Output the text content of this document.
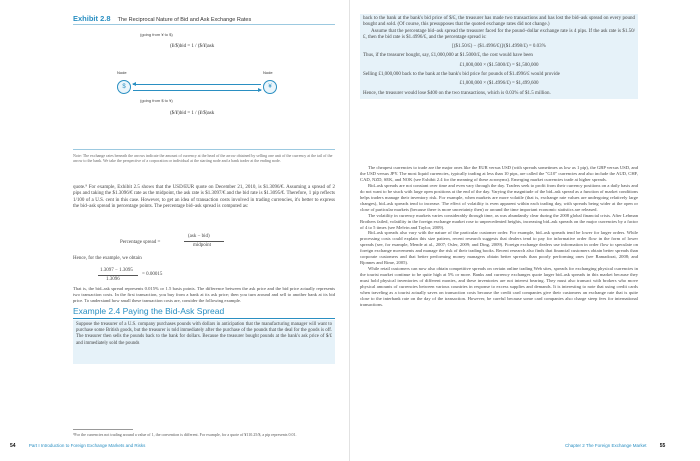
Exhibit 2.8 The Reciprocal Nature of Bid and Ask Exchange Rates
(going from ¥ to $)
(¥/$)bid = 1 / ($/¥)ask
Node	Node
$	¥
(going from $ to ¥)
($/¥)bid = 1 / (¥/$)ask
Note: The exchange rates beneath the arrows indicate the amount of currency at the head of the arrow obtained by selling one unit of the currency at the tail of the arrow to the bank. We take the perspective of a corporation or individual at the starting node and a bank trader at the ending node.
quote.⁹ For example, Exhibit 2.5 shows that the USD/EUR quote on December 21, 2010, is $1.3096/€. Assuming a spread of 2 pips and taking the $1.3096/€ rate as the midpoint, the ask rate is $1.3097/€ and the bid rate is $1.3095/€. Therefore, 1 pip reflects 1/100 of a U.S. cent in this case. However, to get an idea of transaction costs involved in trading currencies, it's better to express the bid–ask spread in percentage points. The percentage bid–ask spread is computed as:
Percentage spread =
(ask − bid)
midpoint
Hence, for the example, we obtain
1.3097 − 1.3095
1.3096
= 0.00015
That is, the bid–ask spread represents 0.015% or 1.5 basis points. The difference between the ask price and the bid price actually represents two transaction costs. In the first transaction, you buy from a bank at its ask price; then you turn around and sell to another bank at its bid price. To understand how small these transaction costs are, consider the following example.
Example 2.4 Paying the Bid-Ask Spread
Suppose the treasurer of a U.S. company purchases pounds with dollars in anticipation that the manufacturing manager will want to purchase some British goods, but the treasurer is told immediately after the purchase of the pounds that the deal for the goods is off. The treasurer then sells the pounds back to the bank for dollars. Because the treasurer bought pounds at the bank's ask price of $/£ and immediately sold the pounds
⁹For the currencies not trading around a value of 1, the convention is different. For example, for a quote of ¥110.25/$, a pip represents 0.01.
54	Part I Introduction to Foreign Exchange Markets and Risks
back to the bank at the bank's bid price of $/£, the treasurer has made two transactions and has lost the bid–ask spread on every pound bought and sold. (Of course, this presupposes that the quoted exchange rates did not change.)
Assume that the percentage bid–ask spread the treasurer faced for the pound–dollar exchange rate is 4 pips. If the ask rate is $1.50/£, then the bid rate is $1.4996/£, and the percentage spread is:
[($1.50/£) − ($1.4996/£)]/($1.4998/£) = 0.03%
Thus, if the treasurer bought, say, £1,000,000 at $1.5000/£, the cost would have been
£1,000,000 × ($1.5000/£) = $1,500,000
Selling £1,000,000 back to the bank at the bank's bid price for pounds of $1.4996/£ would provide
£1,000,000 × ($1.4996/£) = $1,499,600
Hence, the treasurer would lose $400 on the two transactions, which is 0.03% of $1.5 million.
The cheapest currencies to trade are the major ones like the EUR versus USD (with spreads sometimes as low as 1 pip), the GBP versus USD, and the USD versus JPY. The most liquid currencies, typically trading at less than 10 pips, are called the "G10" currencies and also include the AUD, CHF, CAD, NZD, SEK, and NOK (see Exhibit 2.4 for the meaning of these acronyms). Emerging market currencies trade at higher spreads.
Bid–ask spreads are not constant over time and even vary through the day. Traders seek to profit from their currency positions on a daily basis and do not want to be stuck with large open positions at the end of the day. Varying the magnitude of the bid–ask spread as a function of market conditions helps traders manage their inventory risk. For example, when markets are more volatile (that is, exchange rate values are undergoing relatively large changes), bid–ask spreads tend to increase. The effect of volatility is even apparent within each trading day, with spreads being wider at the open or close of particular markets (because there is more uncertainty then) or around the time important economic statistics are released.
The volatility in currency markets varies considerably through time, as was abundantly clear during the 2008 global financial crisis. After Lehman Brothers failed, volatility in the foreign exchange market rose to unprecedented heights, increasing bid–ask spreads on the major currencies by a factor of 4 to 5 times (see Melvin and Taylor, 2009).
Bid–ask spreads also vary with the nature of the particular customer order. For example, bid–ask spreads tend be lower for larger orders. While processing costs could explain this size pattern, recent research suggests that dealers tend to pay for informative order flow in the form of lower spreads (see, for example, Mende at al., 2007; Osler, 2009; and Ding, 2009). Foreign exchange dealers use information in order flow to speculate on foreign exchange movements and manage the risk of their trading books. Recent research also finds that financial customers obtain better spreads than corporate customers and that better performing money managers obtain better spreads than poorly performing ones (see Ramadorai, 2008; and Bjonnes and Rime, 2005).
While retail customers can now also obtain competitive spreads on certain online trading Web sites, spreads for exchanging physical currencies in the tourist market continue to be quite high at 5% or more. Banks and currency exchanges quote larger bid–ask spreads in this market because they must hold physical inventories of different monies, and these inventories are not interest bearing. They must also transact with brokers who move physical amounts of currencies between various countries in response to excess supplies and demands. It is interesting to note that using credit cards when traveling as a tourist actually saves on transaction costs because the credit card companies give their customers an exchange rate that is quite close to the interbank rate on the day of the transaction. However, be careful because some card companies also charge steep fees for international transactions.
Chapter 2 The Foreign Exchange Market	55
